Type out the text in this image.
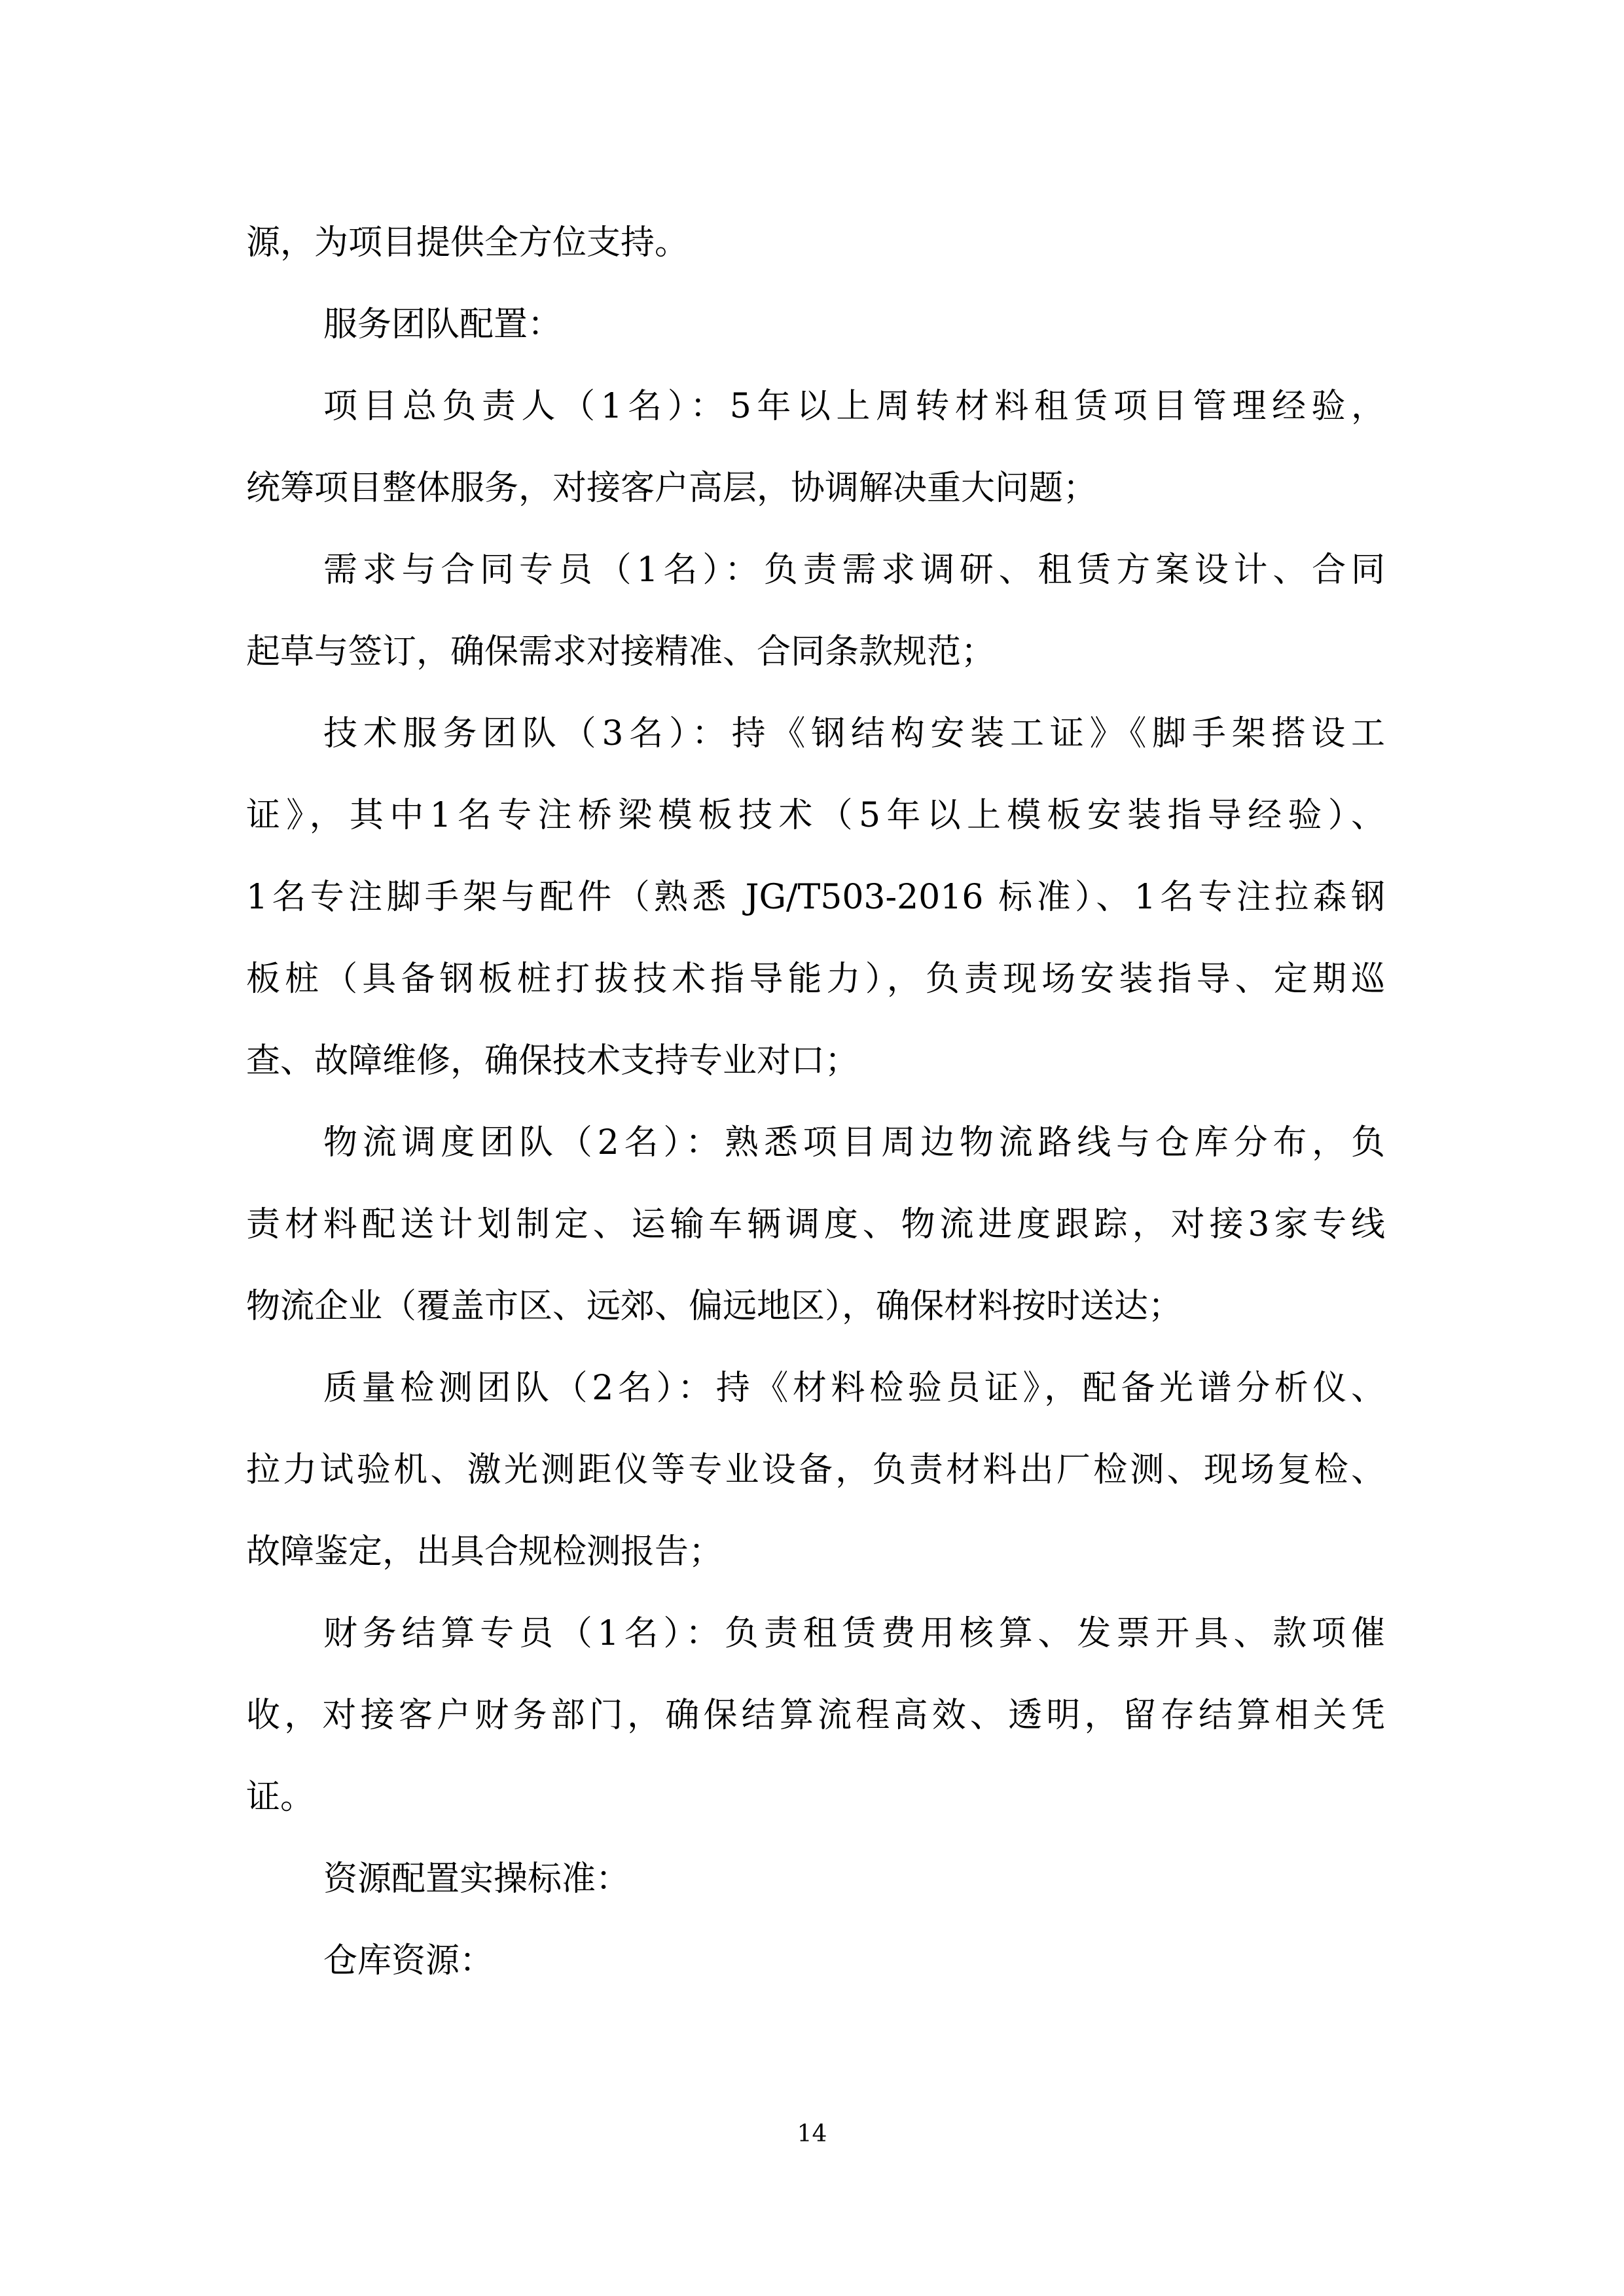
源，为项目提供全方位支持。
服务团队配置：
项目总负责人（1名）：5年以上周转材料租赁项目管理经验，
统筹项目整体服务，对接客户高层，协调解决重大问题；
需求与合同专员（1名）：负责需求调研、租赁方案设计、合同
起草与签订，确保需求对接精准、合同条款规范；
技术服务团队（3名）：持《钢结构安装工证》《脚手架搭设工
证》，其中1名专注桥梁模板技术（5年以上模板安装指导经验）、
1名专注脚手架与配件（熟悉 JG/T503-2016 标准）、1名专注拉森钢
板桩（具备钢板桩打拔技术指导能力），负责现场安装指导、定期巡
查、故障维修，确保技术支持专业对口；
物流调度团队（2名）：熟悉项目周边物流路线与仓库分布，负
责材料配送计划制定、运输车辆调度、物流进度跟踪，对接3家专线
物流企业（覆盖市区、远郊、偏远地区），确保材料按时送达；
质量检测团队（2名）：持《材料检验员证》，配备光谱分析仪、
拉力试验机、激光测距仪等专业设备，负责材料出厂检测、现场复检、
故障鉴定，出具合规检测报告；
财务结算专员（1名）：负责租赁费用核算、发票开具、款项催
收，对接客户财务部门，确保结算流程高效、透明，留存结算相关凭
证。
资源配置实操标准：
仓库资源：
14
